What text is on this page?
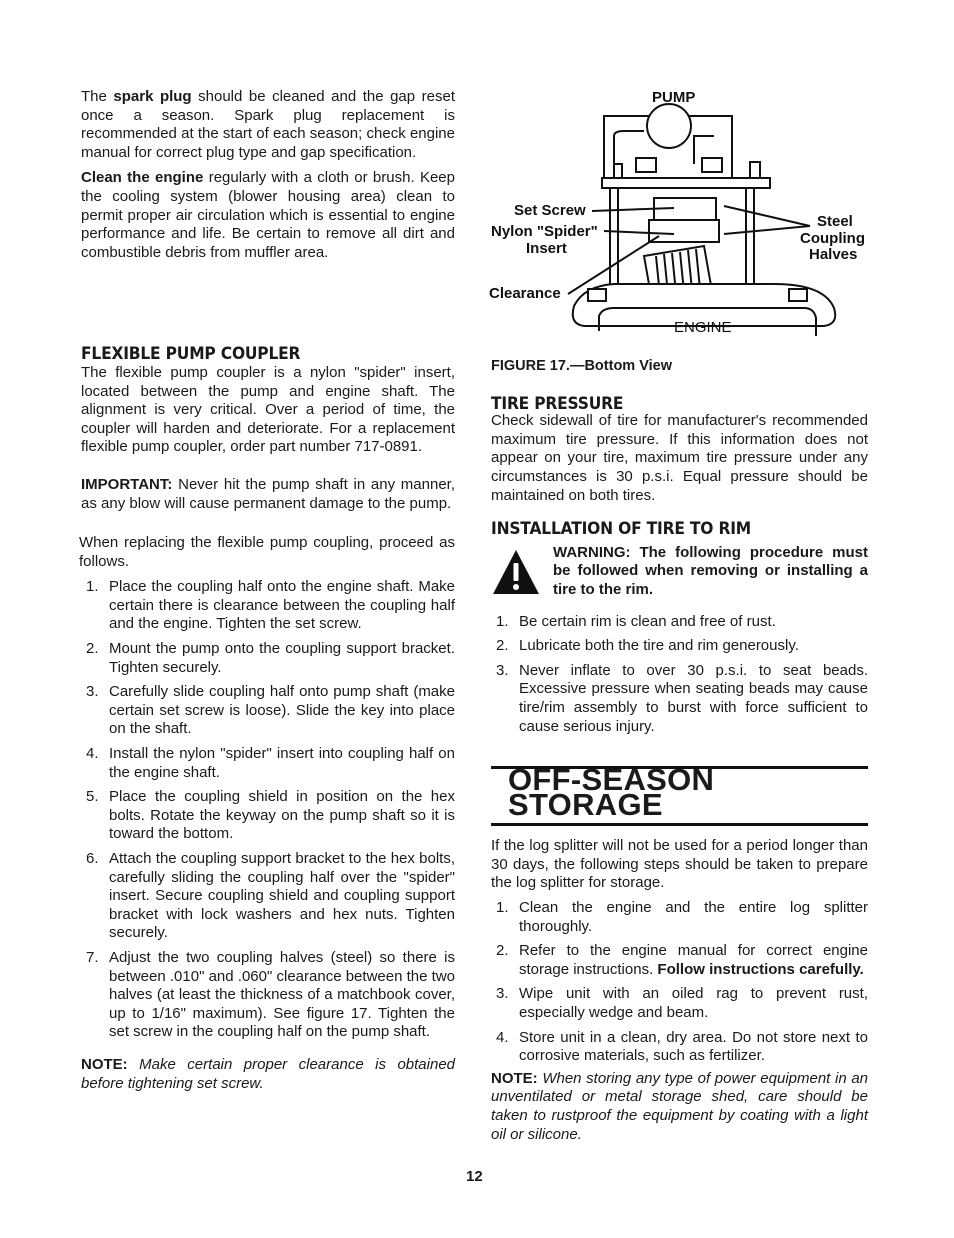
The spark plug should be cleaned and the gap reset once a season. Spark plug replacement is recommended at the start of each season; check engine manual for correct plug type and gap specification.

Clean the engine regularly with a cloth or brush. Keep the cooling system (blower housing area) clean to permit proper air circulation which is essential to engine performance and life. Be certain to remove all dirt and combustible debris from muffler area.

FLEXIBLE PUMP COUPLER

The flexible pump coupler is a nylon "spider" insert, located between the pump and engine shaft. The alignment is very critical. Over a period of time, the coupler will harden and deteriorate. For a replacement flexible pump coupler, order part number 717-0891.

IMPORTANT: Never hit the pump shaft in any manner, as any blow will cause permanent damage to the pump.

When replacing the flexible pump coupling, proceed as follows.

1. Place the coupling half onto the engine shaft. Make certain there is clearance between the coupling half and the engine. Tighten the set screw.
2. Mount the pump onto the coupling support bracket. Tighten securely.
3. Carefully slide coupling half onto pump shaft (make certain set screw is loose). Slide the key into place on the shaft.
4. Install the nylon "spider" insert into coupling half on the engine shaft.
5. Place the coupling shield in position on the hex bolts. Rotate the keyway on the pump shaft so it is toward the bottom.
6. Attach the coupling support bracket to the hex bolts, carefully sliding the coupling half over the "spider" insert. Secure coupling shield and coupling support bracket with lock washers and hex nuts. Tighten securely.
7. Adjust the two coupling halves (steel) so there is between .010" and .060" clearance between the two halves (at least the thickness of a matchbook cover, up to 1/16" maximum). See figure 17. Tighten the set screw in the coupling half on the pump shaft.

NOTE: Make certain proper clearance is obtained before tightening set screw.

PUMP
Set Screw
Nylon "Spider"
Insert
Clearance
Steel
Coupling
Halves
ENGINE
FIGURE 17.—Bottom View
TIRE PRESSURE

Check sidewall of tire for manufacturer's recommended maximum tire pressure. If this information does not appear on your tire, maximum tire pressure under any circumstances is 30 p.s.i. Equal pressure should be maintained on both tires.

INSTALLATION OF TIRE TO RIM
WARNING: The following procedure must be followed when removing or installing a tire to the rim.
1. Be certain rim is clean and free of rust.
2. Lubricate both the tire and rim generously.
3. Never inflate to over 30 p.s.i. to seat beads. Excessive pressure when seating beads may cause tire/rim assembly to burst with force sufficient to cause serious injury.
OFF-SEASON STORAGE

If the log splitter will not be used for a period longer than 30 days, the following steps should be taken to prepare the log splitter for storage.

1. Clean the engine and the entire log splitter thoroughly.
2. Refer to the engine manual for correct engine storage instructions. Follow instructions carefully.
3. Wipe unit with an oiled rag to prevent rust, especially wedge and beam.
4. Store unit in a clean, dry area. Do not store next to corrosive materials, such as fertilizer.

NOTE: When storing any type of power equipment in an unventilated or metal storage shed, care should be taken to rustproof the equipment by coating with a light oil or silicone.

12
